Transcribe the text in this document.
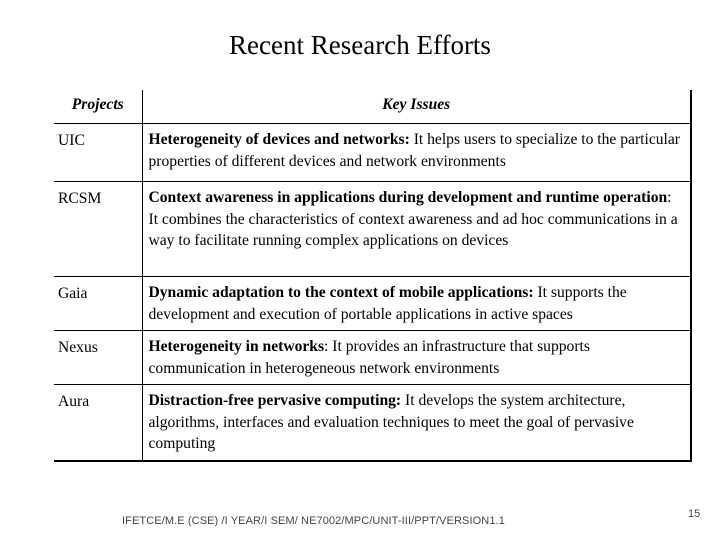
Recent Research Efforts
Projects	Key Issues
UIC	Heterogeneity of devices and networks: It helps users to specialize to the particular properties of different devices and network environments
RCSM	Context awareness in applications during development and runtime operation: It combines the characteristics of context awareness and ad hoc communications in a way to facilitate running complex applications on devices
Gaia	Dynamic adaptation to the context of mobile applications: It supports the development and execution of portable applications in active spaces
Nexus	Heterogeneity in networks: It provides an infrastructure that supports communication in heterogeneous network environments
Aura	Distraction-free pervasive computing: It develops the system architecture, algorithms, interfaces and evaluation techniques to meet the goal of pervasive computing
IFETCE/M.E (CSE) /I YEAR/I SEM/ NE7002/MPC/UNIT-III/PPT/VERSION1.1
15
